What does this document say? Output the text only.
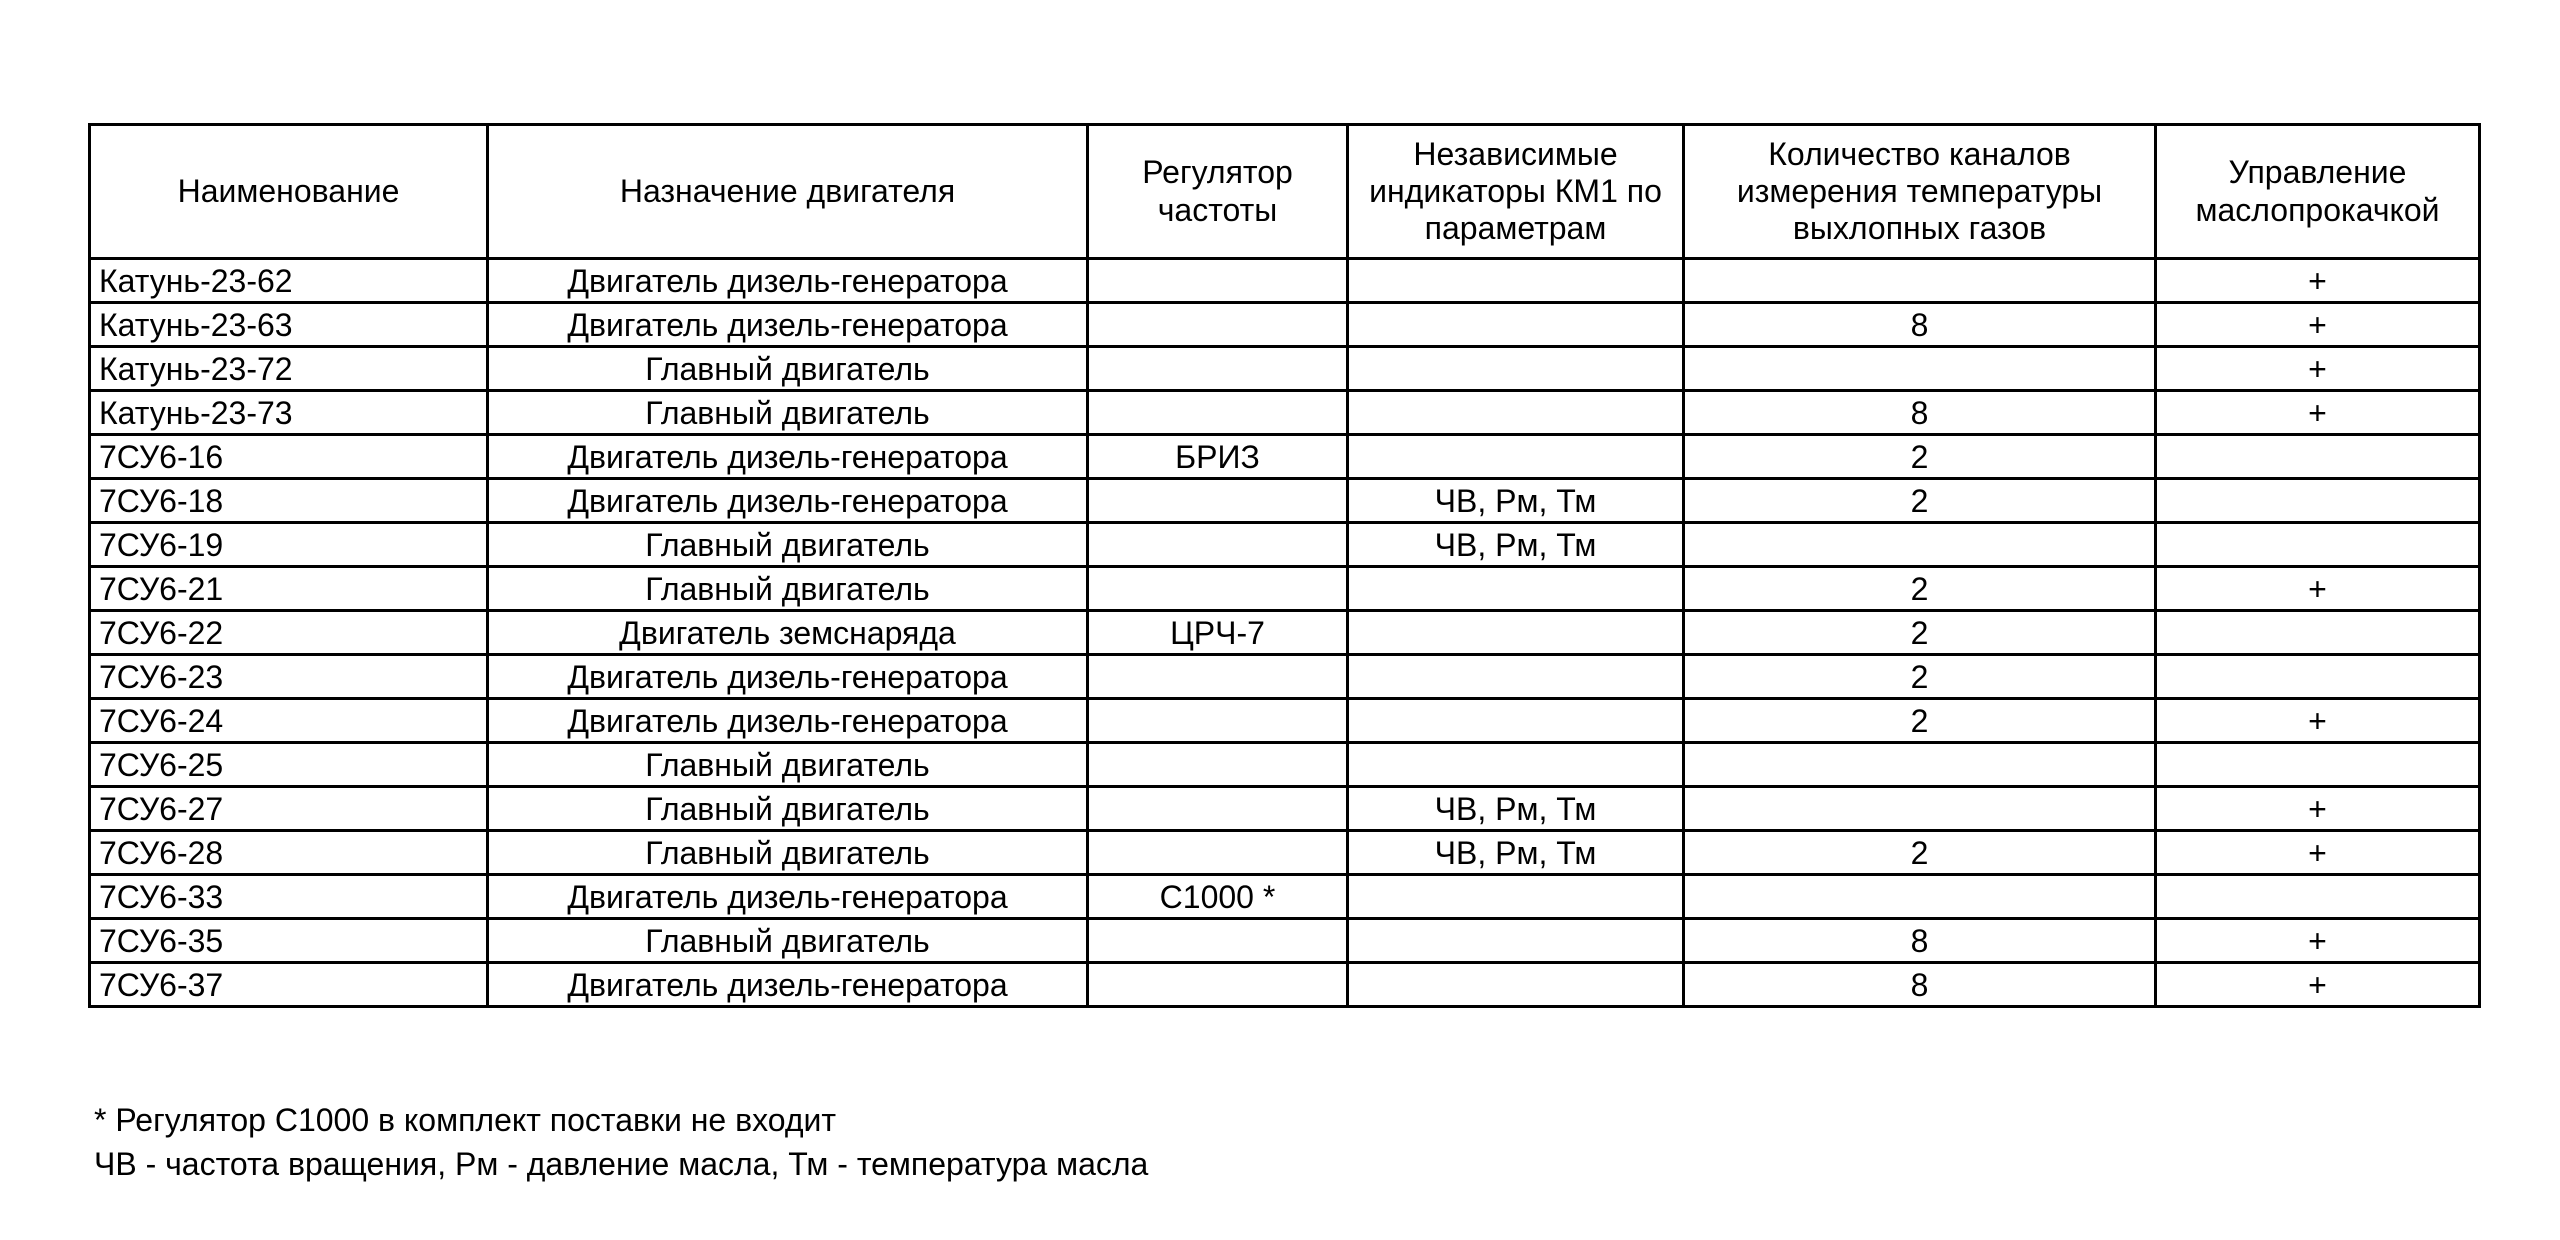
Наименование	Назначение двигателя	Регулятор частоты	Независимые индикаторы КМ1 по параметрам	Количество каналов измерения температуры выхлопных газов	Управление маслопрокачкой
Катунь-23-62	Двигатель дизель-генератора				+
Катунь-23-63	Двигатель дизель-генератора			8	+
Катунь-23-72	Главный двигатель				+
Катунь-23-73	Главный двигатель			8	+
7СУ6-16	Двигатель дизель-генератора	БРИЗ		2	
7СУ6-18	Двигатель дизель-генератора		ЧВ, Рм, Тм	2	
7СУ6-19	Главный двигатель		ЧВ, Рм, Тм		
7СУ6-21	Главный двигатель			2	+
7СУ6-22	Двигатель земснаряда	ЦРЧ-7		2	
7СУ6-23	Двигатель дизель-генератора			2	
7СУ6-24	Двигатель дизель-генератора			2	+
7СУ6-25	Главный двигатель				
7СУ6-27	Главный двигатель		ЧВ, Рм, Тм		+
7СУ6-28	Главный двигатель		ЧВ, Рм, Тм	2	+
7СУ6-33	Двигатель дизель-генератора	С1000 *			
7СУ6-35	Главный двигатель			8	+
7СУ6-37	Двигатель дизель-генератора			8	+
* Регулятор С1000 в комплект поставки не входит
ЧВ - частота вращения, Рм - давление масла, Тм - температура масла
